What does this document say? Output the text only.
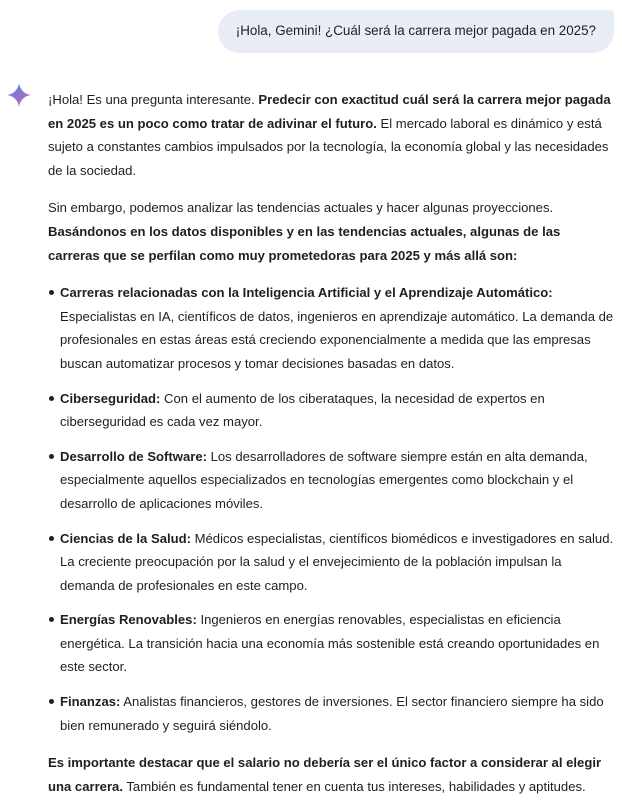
¡Hola, Gemini! ¿Cuál será la carrera mejor pagada en 2025?

¡Hola! Es una pregunta interesante. Predecir con exactitud cuál será la carrera mejor pagada en 2025 es un poco como tratar de adivinar el futuro. El mercado laboral es dinámico y está sujeto a constantes cambios impulsados por la tecnología, la economía global y las necesidades de la sociedad.

Sin embargo, podemos analizar las tendencias actuales y hacer algunas proyecciones. Basándonos en los datos disponibles y en las tendencias actuales, algunas de las carreras que se perfilan como muy prometedoras para 2025 y más allá son:

Carreras relacionadas con la Inteligencia Artificial y el Aprendizaje Automático: Especialistas en IA, científicos de datos, ingenieros en aprendizaje automático. La demanda de profesionales en estas áreas está creciendo exponencialmente a medida que las empresas buscan automatizar procesos y tomar decisiones basadas en datos.
Ciberseguridad: Con el aumento de los ciberataques, la necesidad de expertos en ciberseguridad es cada vez mayor.
Desarrollo de Software: Los desarrolladores de software siempre están en alta demanda, especialmente aquellos especializados en tecnologías emergentes como blockchain y el desarrollo de aplicaciones móviles.
Ciencias de la Salud: Médicos especialistas, científicos biomédicos e investigadores en salud. La creciente preocupación por la salud y el envejecimiento de la población impulsan la demanda de profesionales en este campo.
Energías Renovables: Ingenieros en energías renovables, especialistas en eficiencia energética. La transición hacia una economía más sostenible está creando oportunidades en este sector.
Finanzas: Analistas financieros, gestores de inversiones. El sector financiero siempre ha sido bien remunerado y seguirá siéndolo.

Es importante destacar que el salario no debería ser el único factor a considerar al elegir una carrera. También es fundamental tener en cuenta tus intereses, habilidades y aptitudes.
